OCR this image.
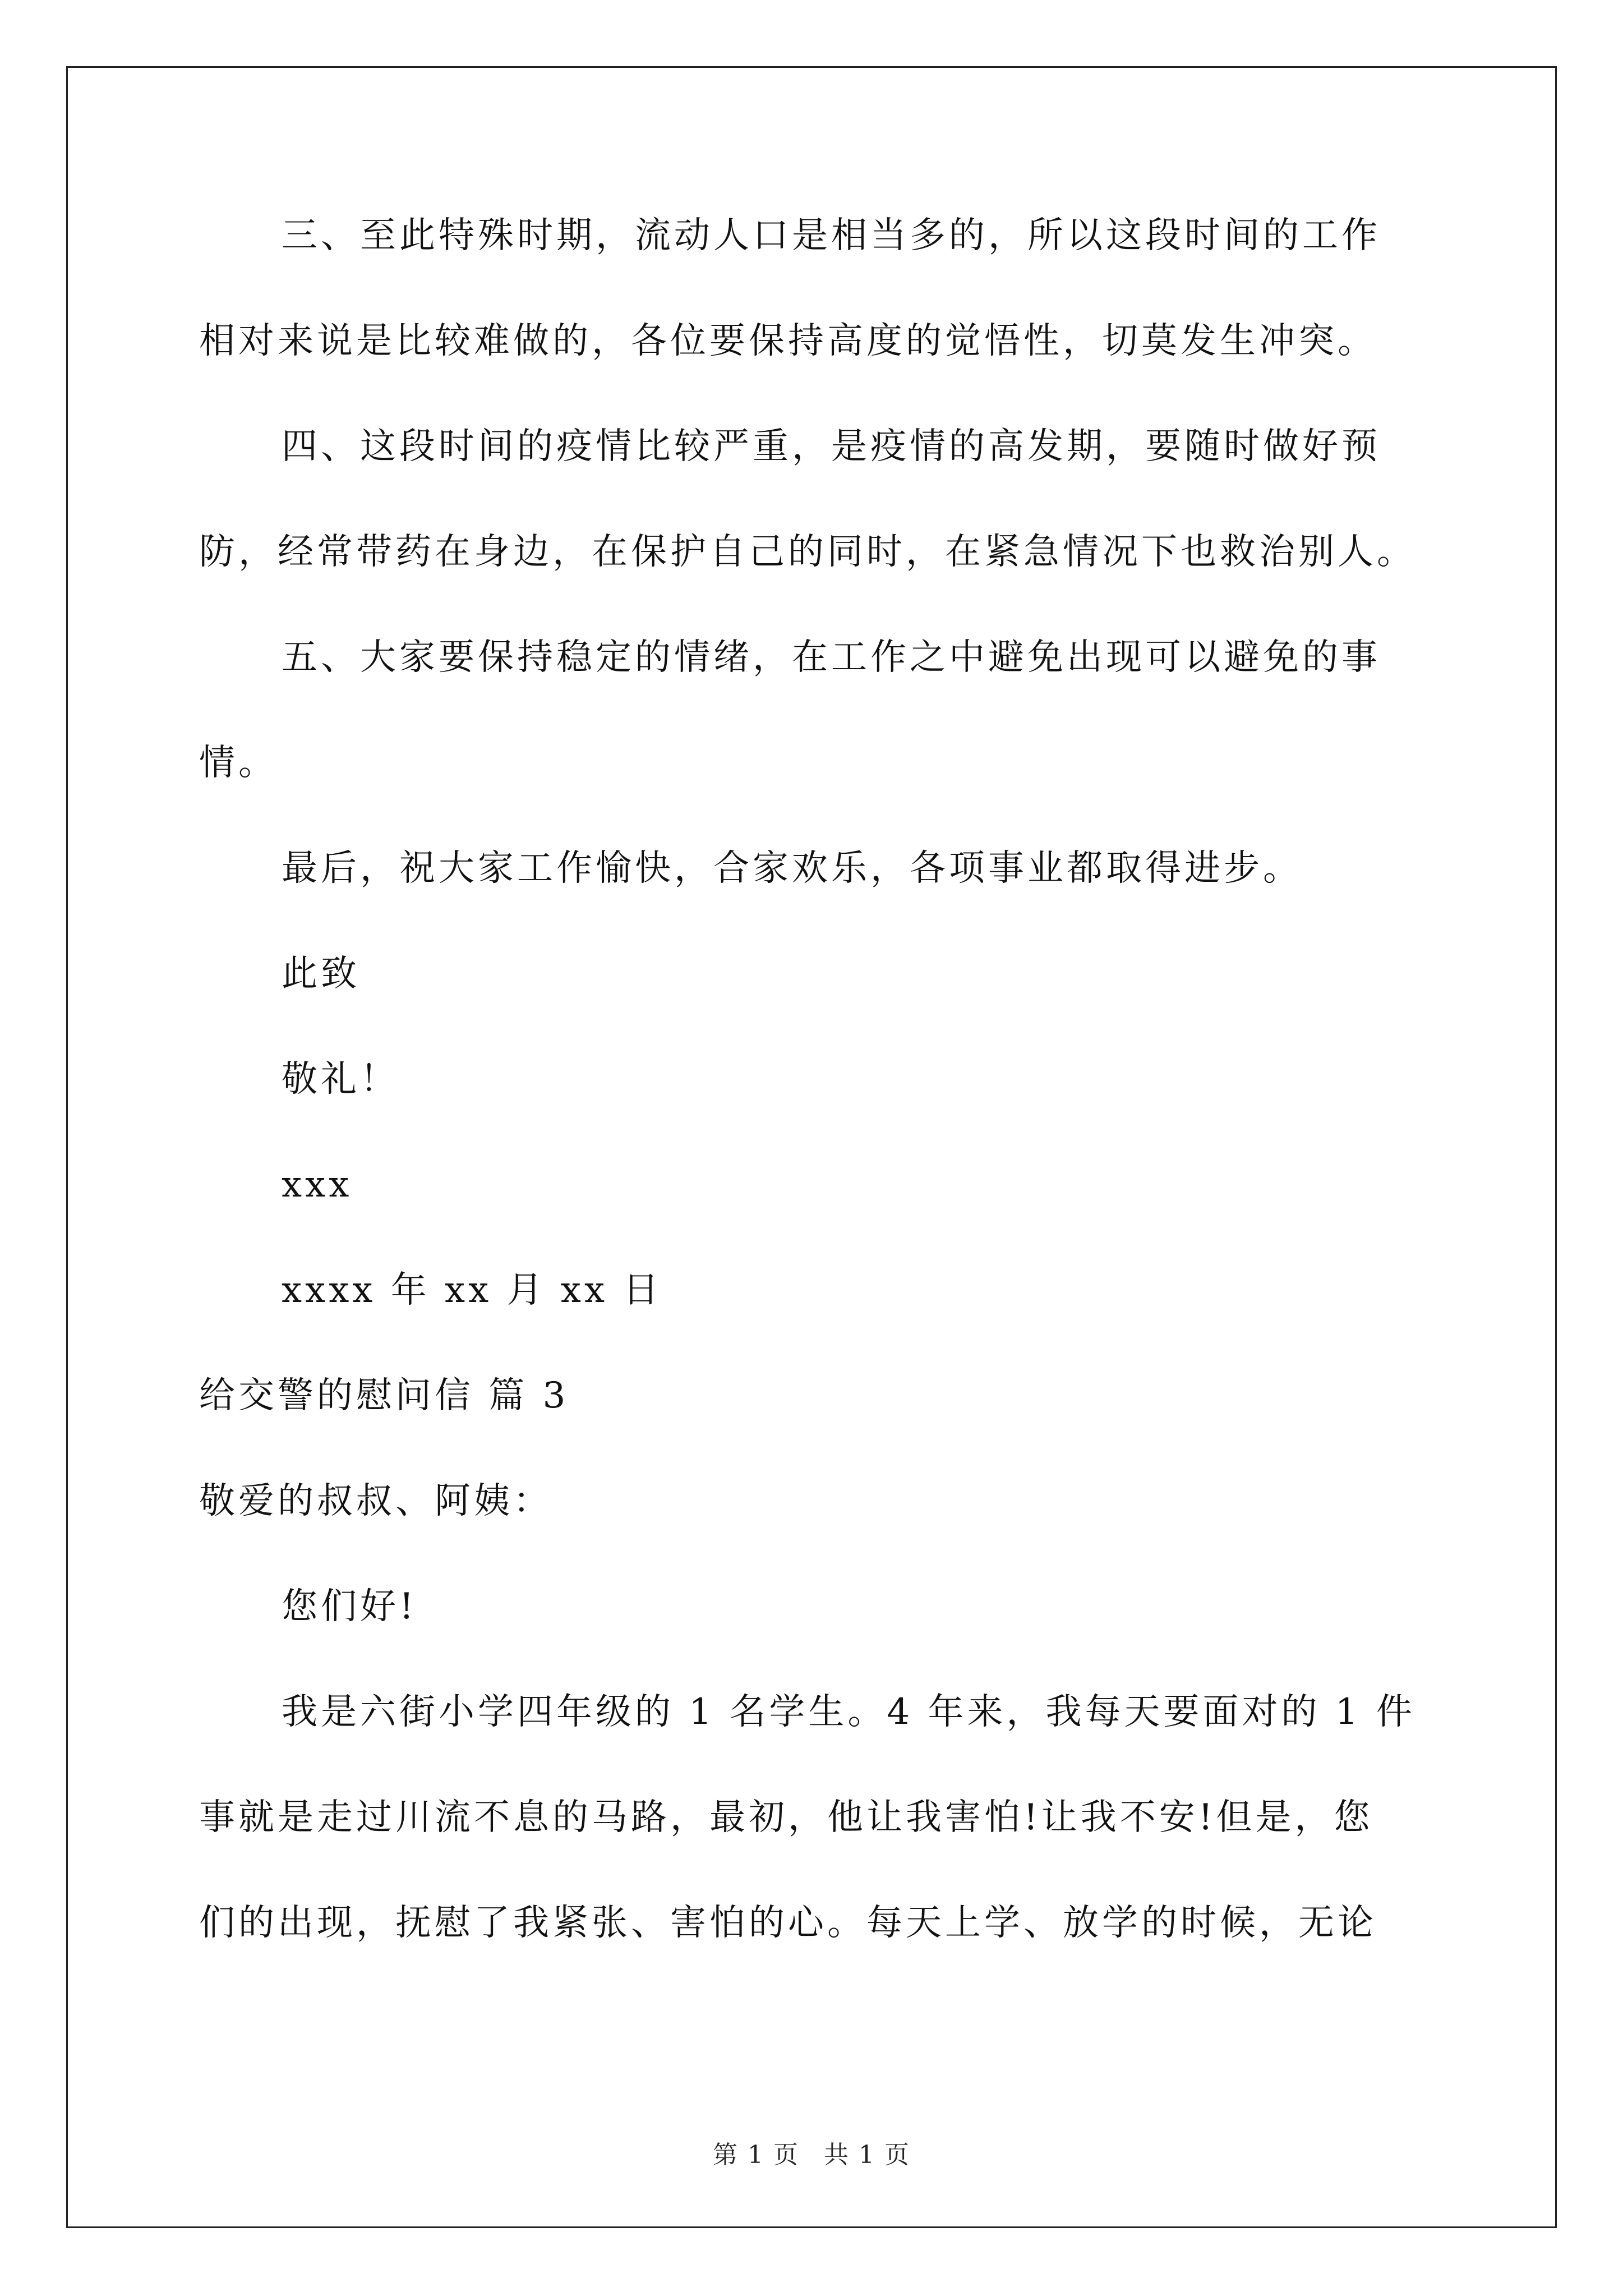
三、至此特殊时期，流动人口是相当多的，所以这段时间的工作
相对来说是比较难做的，各位要保持高度的觉悟性，切莫发生冲突。
四、这段时间的疫情比较严重，是疫情的高发期，要随时做好预
防，经常带药在身边，在保护自己的同时，在紧急情况下也救治别人。
五、大家要保持稳定的情绪，在工作之中避免出现可以避免的事
情。
最后，祝大家工作愉快，合家欢乐，各项事业都取得进步。
此致
敬礼！
xxx
xxxx 年 xx 月 xx 日
给交警的慰问信 篇 3
敬爱的叔叔、阿姨：
您们好!
我是六街小学四年级的 1 名学生。4 年来，我每天要面对的 1 件
事就是走过川流不息的马路，最初，他让我害怕!让我不安!但是，您
们的出现，抚慰了我紧张、害怕的心。每天上学、放学的时候，无论
第 1 页 共 1 页
